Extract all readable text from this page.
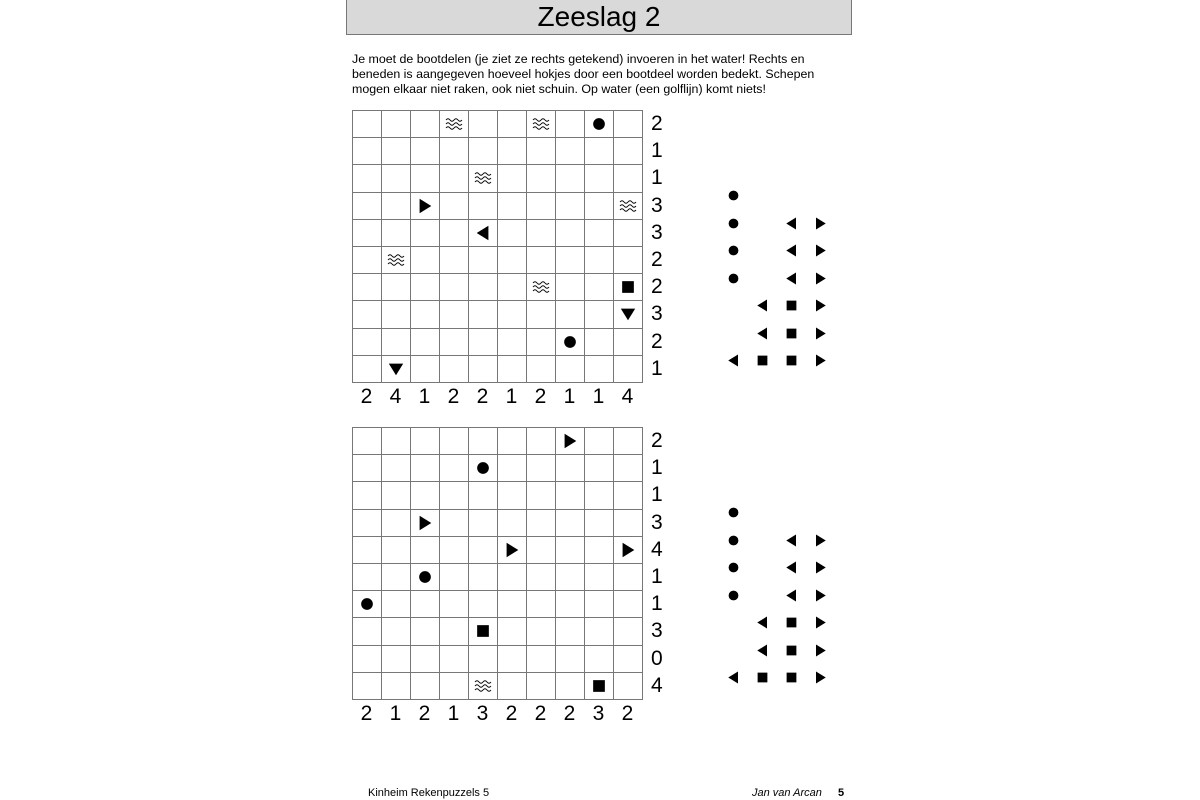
Zeeslag 2
Je moet de bootdelen (je ziet ze rechts getekend) invoeren in het water! Rechts en beneden is aangegeven hoeveel hokjes door een bootdeel worden bedekt. Schepen mogen elkaar niet raken, ook niet schuin. Op water (een golflijn) komt niets!

2
1
1
3
3
2
2
3
2
1
2 4 1 2 2 1 2 1 1 4
2
1
1
3
4
1
1
3
0
4
2 1 2 1 3 2 2 2 3 2
Kinheim Rekenpuzzels 5	Jan van Arcan 5
